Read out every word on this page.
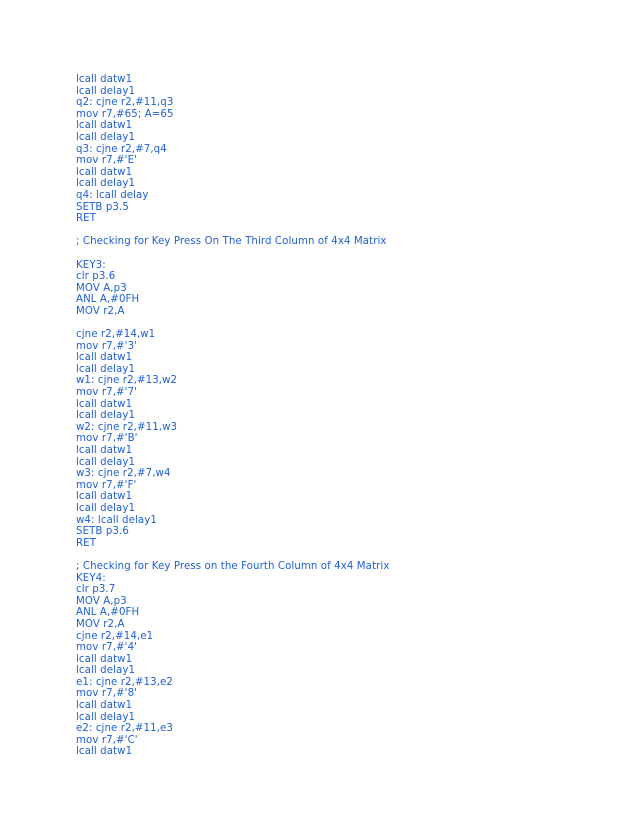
lcall datw1
lcall delay1
q2: cjne r2,#11,q3
mov r7,#65; A=65
lcall datw1
lcall delay1
q3: cjne r2,#7,q4
mov r7,#'E'
lcall datw1
lcall delay1
q4: lcall delay
SETB p3.5
RET
; Checking for Key Press On The Third Column of 4x4 Matrix
KEY3:
clr p3.6
MOV A,p3
ANL A,#0FH
MOV r2,A
cjne r2,#14,w1
mov r7,#'3'
lcall datw1
lcall delay1
w1: cjne r2,#13,w2
mov r7,#'7'
lcall datw1
lcall delay1
w2: cjne r2,#11,w3
mov r7,#'B'
lcall datw1
lcall delay1
w3: cjne r2,#7,w4
mov r7,#'F'
lcall datw1
lcall delay1
w4: lcall delay1
SETB p3.6
RET
; Checking for Key Press on the Fourth Column of 4x4 Matrix
KEY4:
clr p3.7
MOV A,p3
ANL A,#0FH
MOV r2,A
cjne r2,#14,e1
mov r7,#'4'
lcall datw1
lcall delay1
e1: cjne r2,#13,e2
mov r7,#'8'
lcall datw1
lcall delay1
e2: cjne r2,#11,e3
mov r7,#'C'
lcall datw1
